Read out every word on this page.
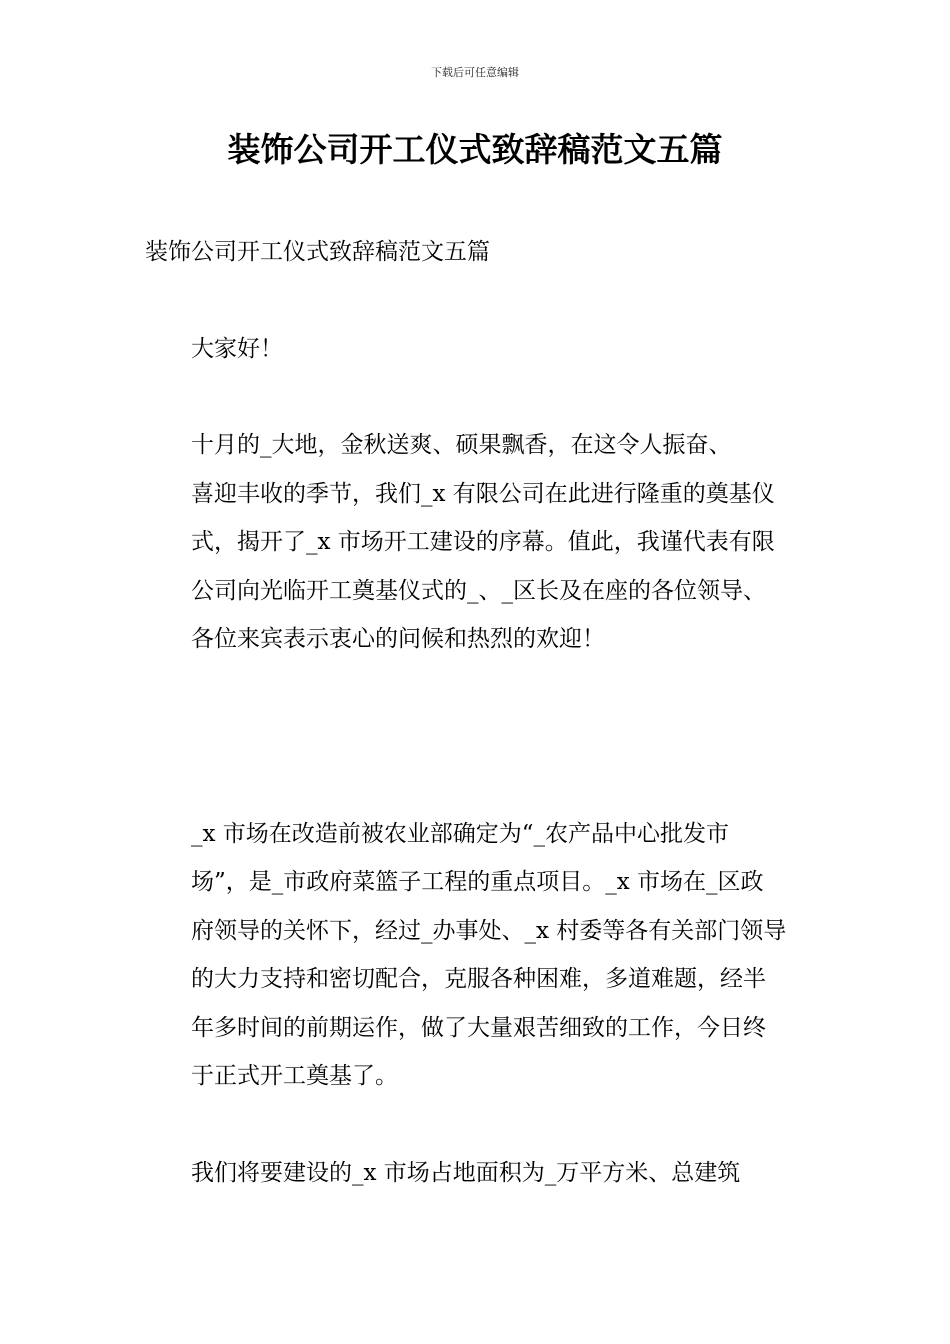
下载后可任意编辑
装饰公司开工仪式致辞稿范文五篇

装饰公司开工仪式致辞稿范文五篇

大家好！

十月的_大地，金秋送爽、硕果飘香，在这令人振奋、
喜迎丰收的季节，我们_x 有限公司在此进行隆重的奠基仪
式，揭开了_x 市场开工建设的序幕。值此，我谨代表有限
公司向光临开工奠基仪式的_、_区长及在座的各位领导、
各位来宾表示衷心的问候和热烈的欢迎！

_x 市场在改造前被农业部确定为“_农产品中心批发市
场”，是_市政府菜篮子工程的重点项目。_x 市场在_区政
府领导的关怀下，经过_办事处、_x 村委等各有关部门领导
的大力支持和密切配合，克服各种困难，多道难题，经半
年多时间的前期运作，做了大量艰苦细致的工作，今日终
于正式开工奠基了。

我们将要建设的_x 市场占地面积为_万平方米、总建筑
